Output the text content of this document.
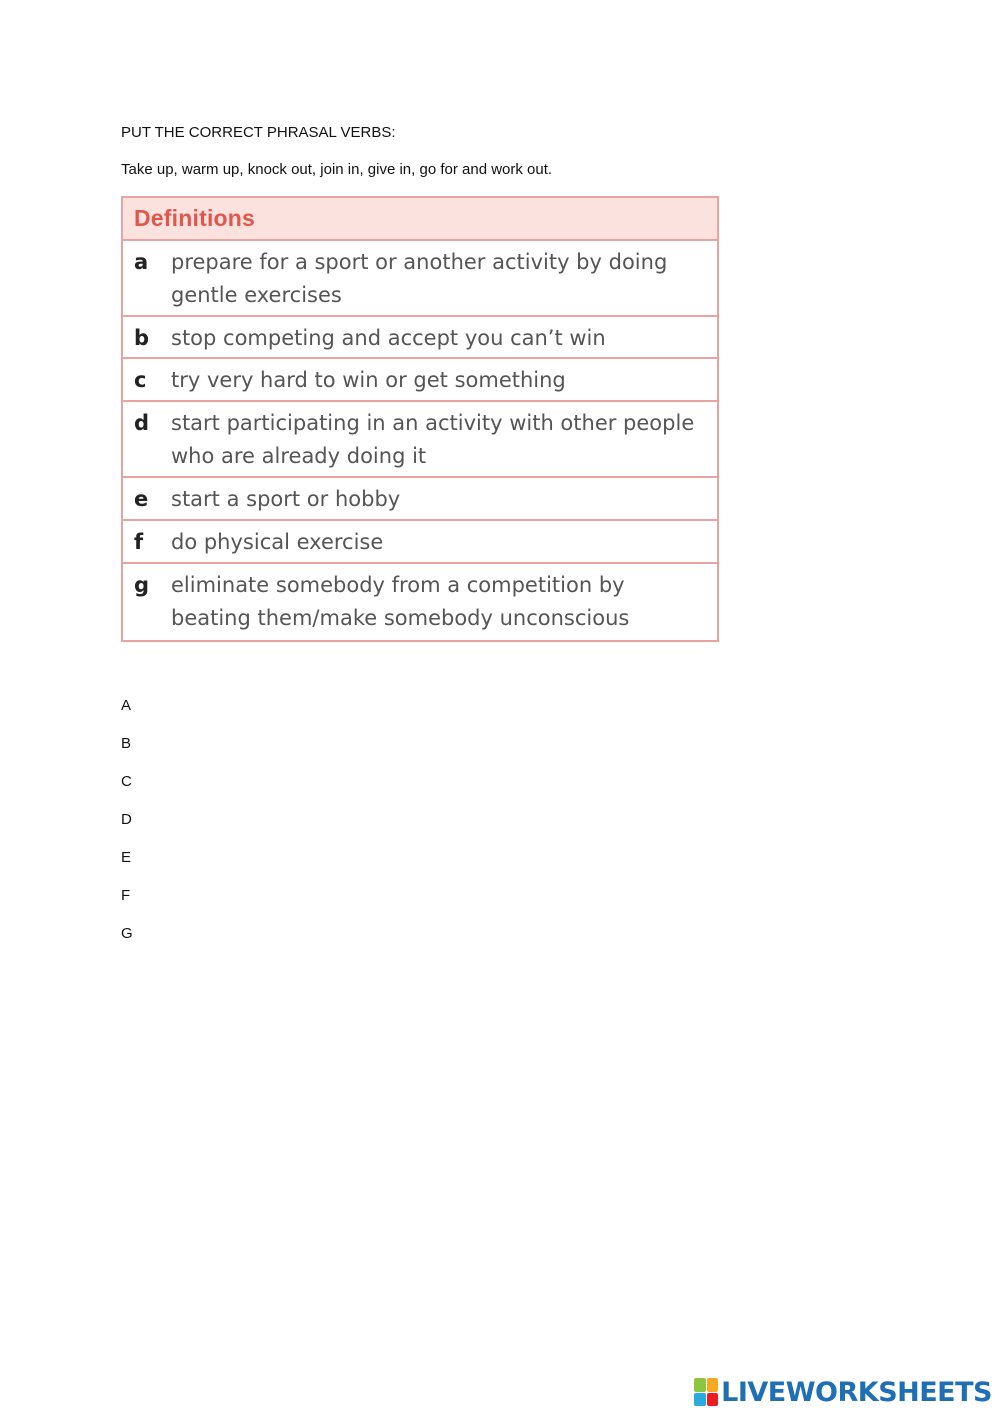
PUT THE CORRECT PHRASAL VERBS:
Take up, warm up, knock out, join in, give in, go for and work out.
Definitions
a	prepare for a sport or another activity by doing gentle exercises
b	stop competing and accept you can’t win
c	try very hard to win or get something
d	start participating in an activity with other people who are already doing it
e	start a sport or hobby
f	do physical exercise
g	eliminate somebody from a competition by beating them/make somebody unconscious
A
B
C
D
E
F
G
LIVEWORKSHEETS
